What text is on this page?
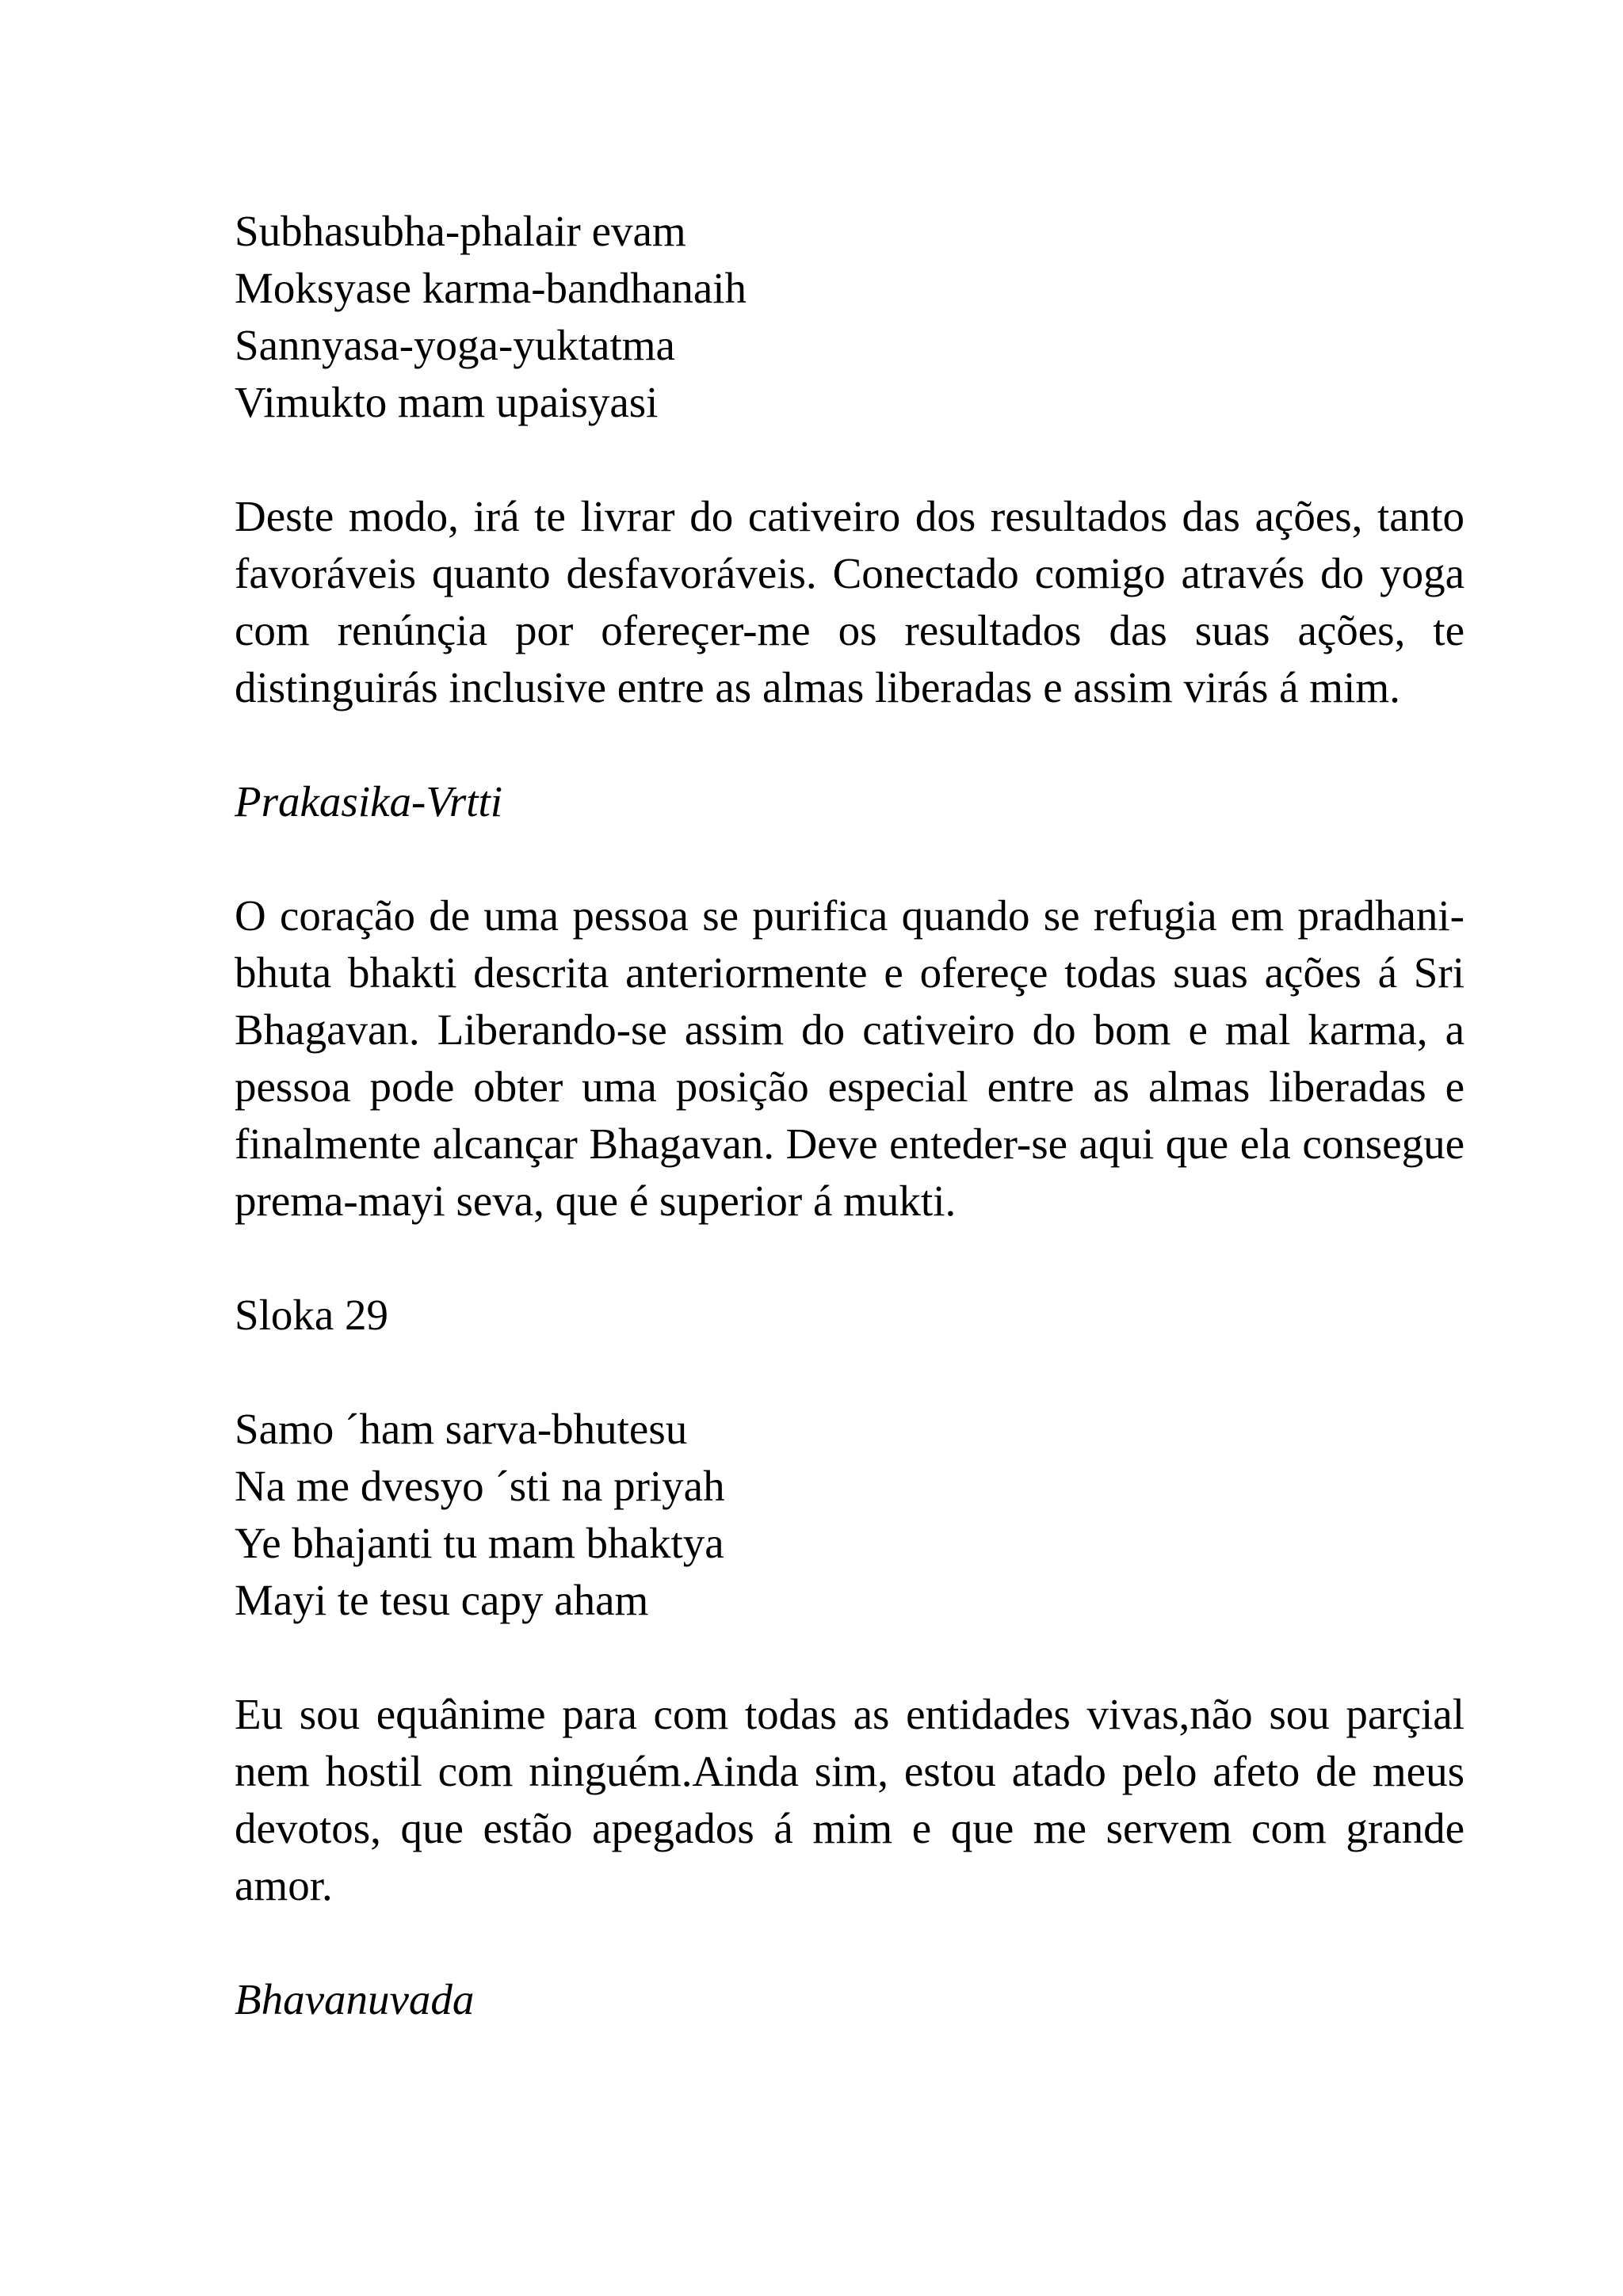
Subhasubha-phalair evam
Moksyase karma-bandhanaih
Sannyasa-yoga-yuktatma
Vimukto mam upaisyasi

Deste modo, irá te livrar do cativeiro dos resultados das ações, tanto favoráveis quanto desfavoráveis. Conectado comigo através do yoga com renúnçia por ofereçer-me os resultados das suas ações, te distinguirás inclusive entre as almas liberadas e assim virás á mim.

Prakasika-Vrtti

O coração de uma pessoa se purifica quando se refugia em pradhani-bhuta bhakti descrita anteriormente e ofereçe todas suas ações á Sri Bhagavan. Liberando-se assim do cativeiro do bom e mal karma, a pessoa pode obter uma posição especial entre as almas liberadas e finalmente alcançar Bhagavan. Deve enteder-se aqui que ela consegue prema-mayi seva, que é superior á mukti.

Sloka 29

Samo ´ham sarva-bhutesu
Na me dvesyo ´sti na priyah
Ye bhajanti tu mam bhaktya
Mayi te tesu capy aham

Eu sou equânime para com todas as entidades vivas,não sou parçial nem hostil com ninguém.Ainda sim, estou atado pelo afeto de meus devotos, que estão apegados á mim e que me servem com grande amor.

Bhavanuvada
